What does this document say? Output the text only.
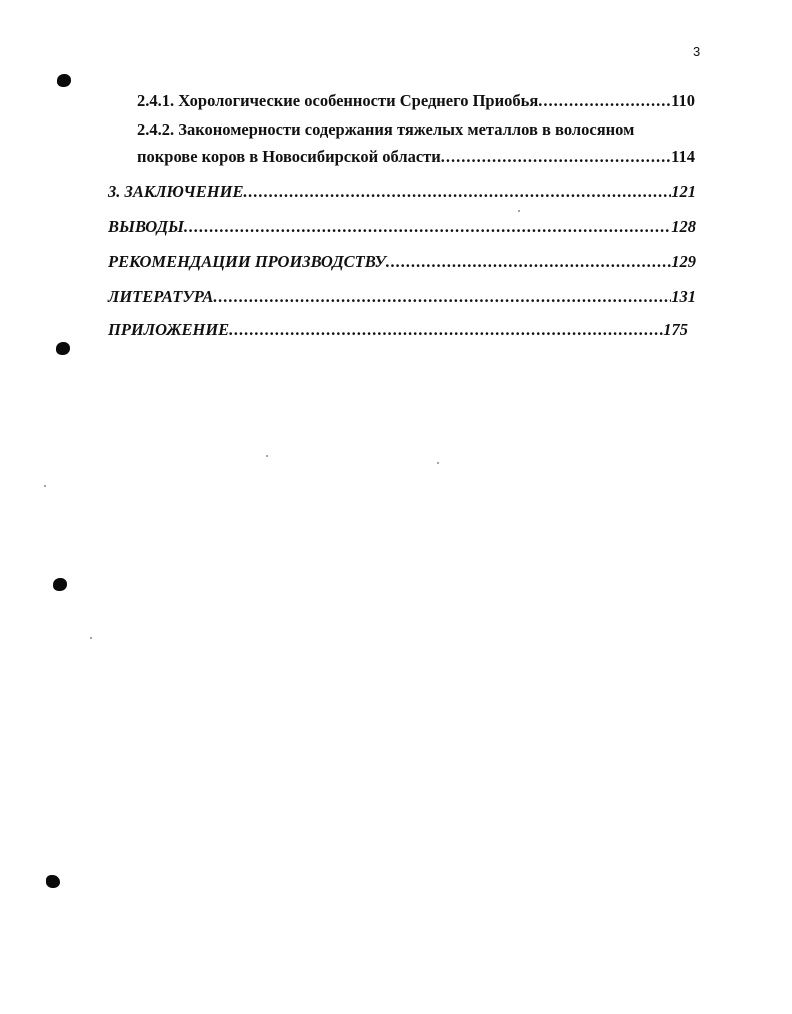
3
2.4.1. Хорологические особенности Среднего Приобья .....	110
2.4.2. Закономерности содержания тяжелых металлов в волосяном
покрове коров в Новосибирской области .....	114
3. ЗАКЛЮЧЕНИЕ .....	121
ВЫВОДЫ .....	128
РЕКОМЕНДАЦИИ ПРОИЗВОДСТВУ .....	129
ЛИТЕРАТУРА .....	131
ПРИЛОЖЕНИЕ .....	175
